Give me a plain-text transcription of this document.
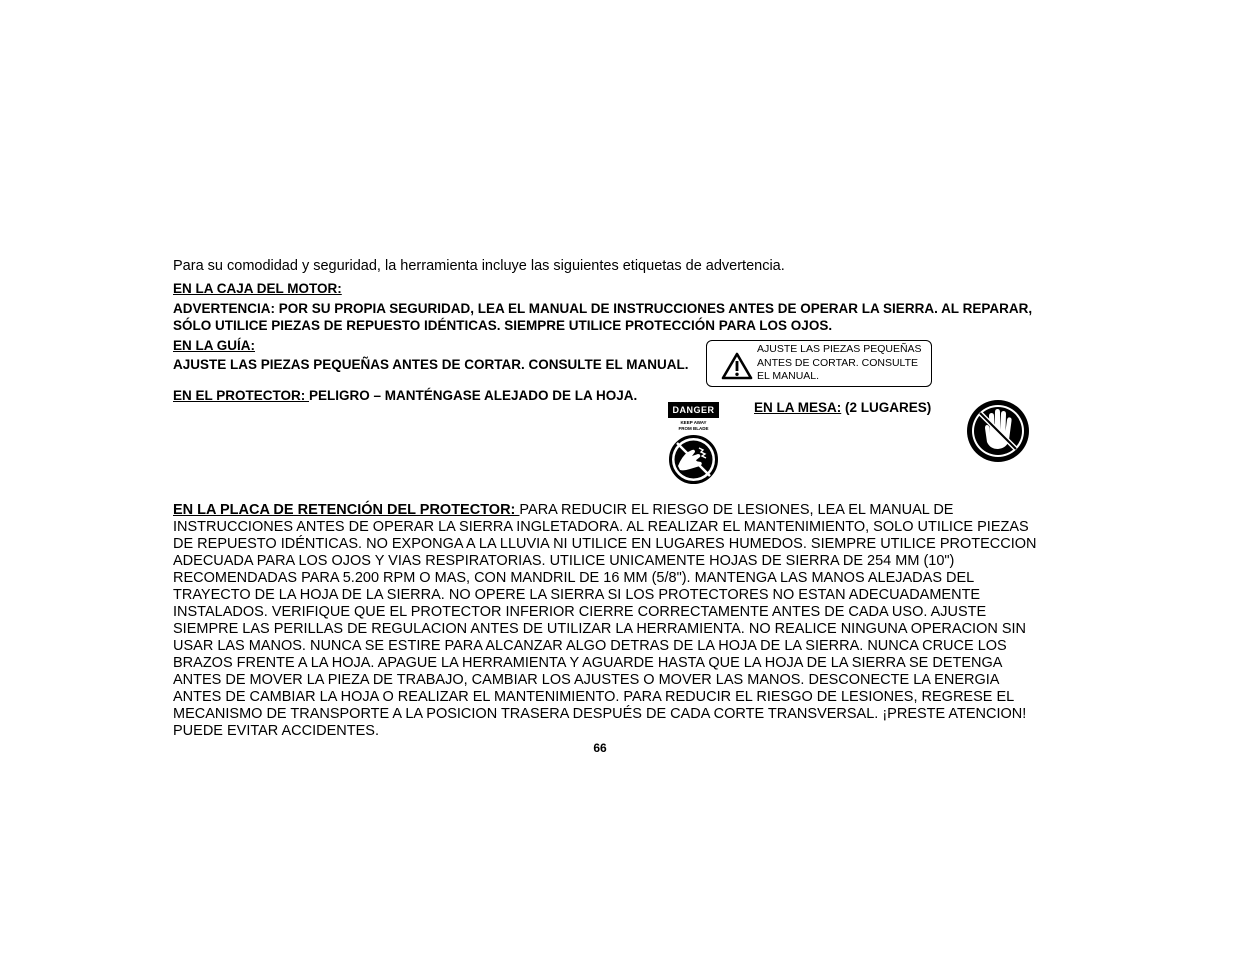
Para su comodidad y seguridad, la herramienta incluye las siguientes etiquetas de advertencia.
EN LA CAJA DEL MOTOR:
ADVERTENCIA: POR SU PROPIA SEGURIDAD, LEA EL MANUAL DE INSTRUCCIONES ANTES DE OPERAR LA SIERRA. AL REPARAR, SÓLO UTILICE PIEZAS DE REPUESTO IDÉNTICAS. SIEMPRE UTILICE PROTECCIÓN PARA LOS OJOS.
EN LA GUÍA:
AJUSTE LAS PIEZAS PEQUEÑAS ANTES DE CORTAR. CONSULTE EL MANUAL.
AJUSTE LAS PIEZAS PEQUEÑAS
ANTES DE CORTAR. CONSULTE
EL MANUAL.
EN EL PROTECTOR: PELIGRO – MANTÉNGASE ALEJADO DE LA HOJA.
DANGER
KEEP AWAY
FROM BLADE
EN LA MESA: (2 LUGARES)
EN LA PLACA DE RETENCIÓN DEL PROTECTOR: PARA REDUCIR EL RIESGO DE LESIONES, LEA EL MANUAL DE INSTRUCCIONES ANTES DE OPERAR LA SIERRA INGLETADORA. AL REALIZAR EL MANTENIMIENTO, SOLO UTILICE PIEZAS DE REPUESTO IDÉNTICAS. NO EXPONGA A LA LLUVIA NI UTILICE EN LUGARES HUMEDOS. SIEMPRE UTILICE PROTECCION ADECUADA PARA LOS OJOS Y VIAS RESPIRATORIAS. UTILICE UNICAMENTE HOJAS DE SIERRA DE 254 MM (10") RECOMENDADAS PARA 5.200 RPM O MAS, CON MANDRIL DE 16 MM (5/8"). MANTENGA LAS MANOS ALEJADAS DEL TRAYECTO DE LA HOJA DE LA SIERRA. NO OPERE LA SIERRA SI LOS PROTECTORES NO ESTAN ADECUADAMENTE INSTALADOS. VERIFIQUE QUE EL PROTECTOR INFERIOR CIERRE CORRECTAMENTE ANTES DE CADA USO. AJUSTE SIEMPRE LAS PERILLAS DE REGULACION ANTES DE UTILIZAR LA HERRAMIENTA. NO REALICE NINGUNA OPERACION SIN USAR LAS MANOS. NUNCA SE ESTIRE PARA ALCANZAR ALGO DETRAS DE LA HOJA DE LA SIERRA. NUNCA CRUCE LOS BRAZOS FRENTE A LA HOJA. APAGUE LA HERRAMIENTA Y AGUARDE HASTA QUE LA HOJA DE LA SIERRA SE DETENGA ANTES DE MOVER LA PIEZA DE TRABAJO, CAMBIAR LOS AJUSTES O MOVER LAS MANOS. DESCONECTE LA ENERGIA ANTES DE CAMBIAR LA HOJA O REALIZAR EL MANTENIMIENTO. PARA REDUCIR EL RIESGO DE LESIONES, REGRESE EL MECANISMO DE TRANSPORTE A LA POSICION TRASERA DESPUÉS DE CADA CORTE TRANSVERSAL. ¡PRESTE ATENCION! PUEDE EVITAR ACCIDENTES.
66
